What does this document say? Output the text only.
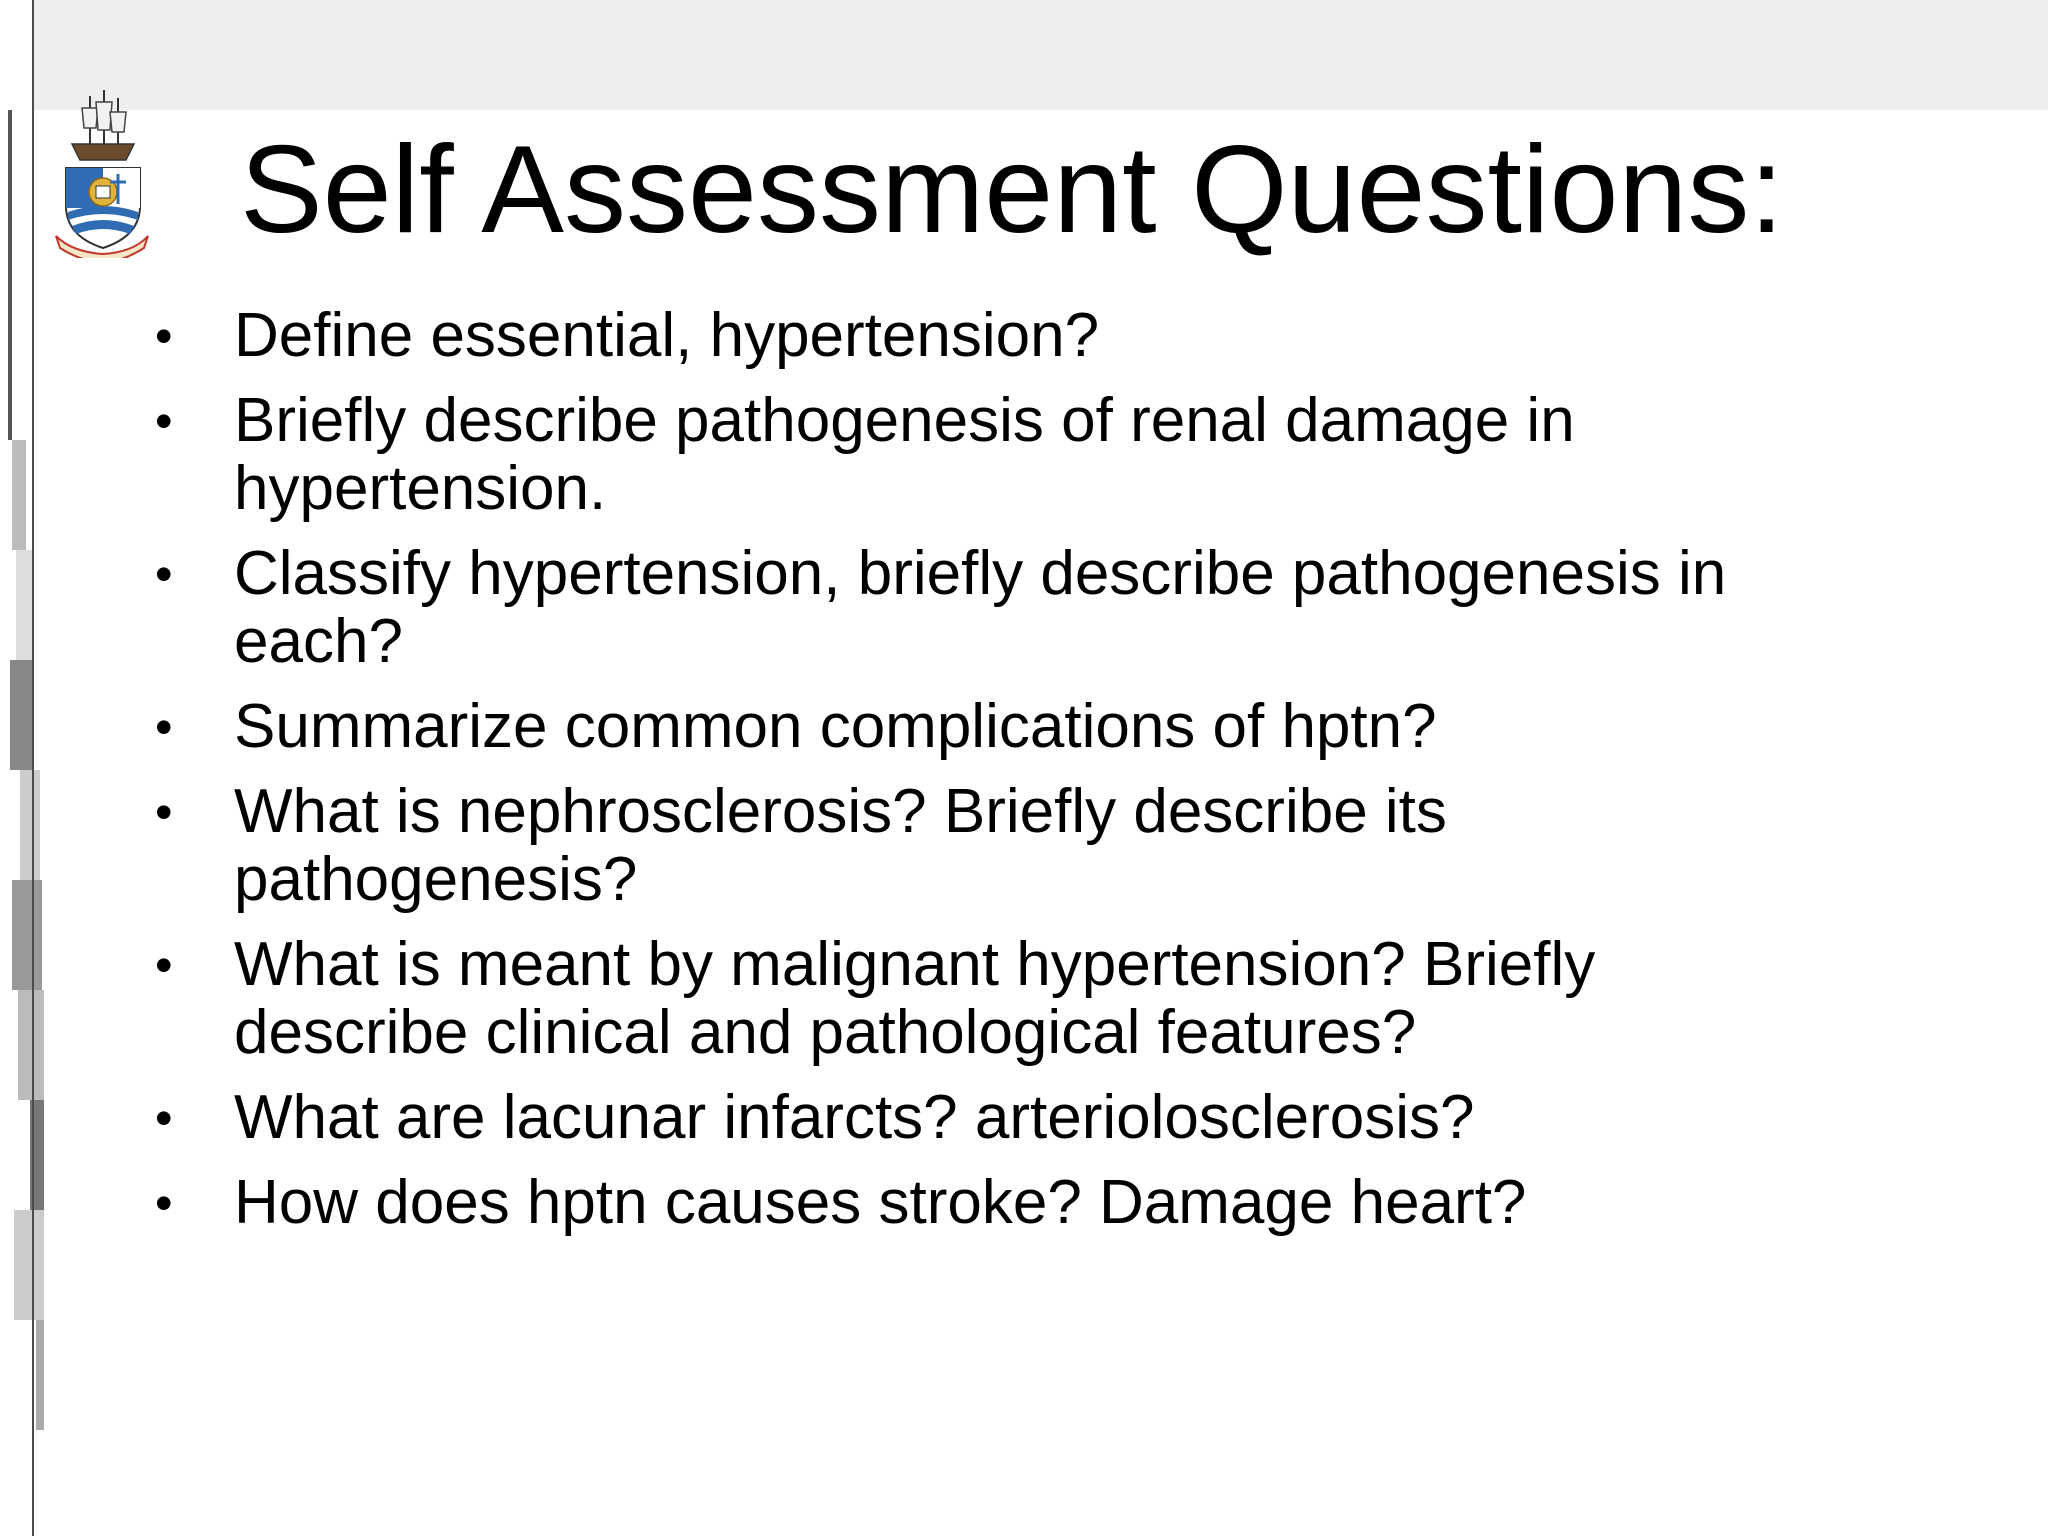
Self Assessment Questions:
• Define essential, hypertension?
• Briefly describe pathogenesis of renal damage in
hypertension.
• Classify hypertension, briefly describe pathogenesis in
each?
• Summarize common complications of hptn?
• What is nephrosclerosis? Briefly describe its
pathogenesis?
• What is meant by malignant hypertension? Briefly
describe clinical and pathological features?
• What are lacunar infarcts? arteriolosclerosis?
• How does hptn causes stroke? Damage heart?
